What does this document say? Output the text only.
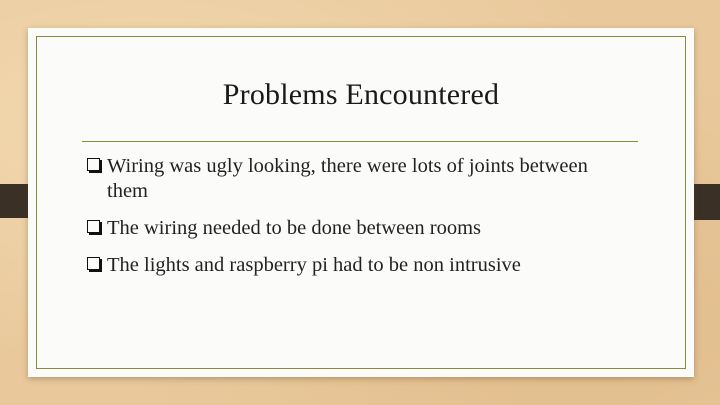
Problems Encountered
Wiring was ugly looking, there were lots of joints between them
The wiring needed to be done between rooms
The lights and raspberry pi had to be non intrusive
